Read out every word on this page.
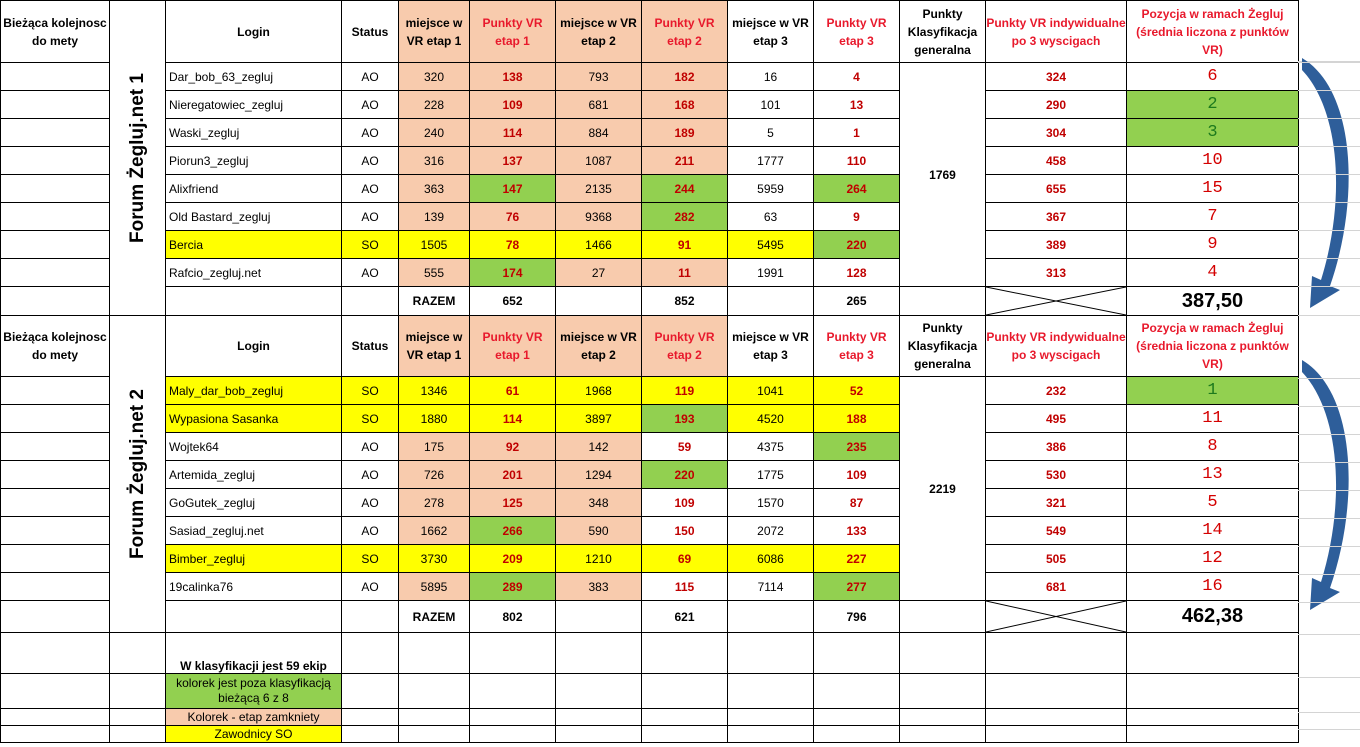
Bieżąca kolejnosc do mety	Forum Żegluj.net 1	Login	Status	miejsce w VR etap 1	Punkty VR etap 1	miejsce w VR etap 2	Punkty VR etap 2	miejsce w VR etap 3	Punkty VR etap 3	Punkty Klasyfikacja generalna	Punkty VR indywidualne po 3 wyscigach	Pozycja w ramach Żegluj (średnia liczona z punktów VR)
		Dar_bob_63_zegluj	AO	320	138	793	182	16	4	1769	324	6
		Nieregatowiec_zegluj	AO	228	109	681	168	101	13		290	2
		Waski_zegluj	AO	240	114	884	189	5	1		304	3
		Piorun3_zegluj	AO	316	137	1087	211	1777	110		458	10
		Alixfriend	AO	363	147	2135	244	5959	264		655	15
		Old Bastard_zegluj	AO	139	76	9368	282	63	9		367	7
		Bercia	SO	1505	78	1466	91	5495	220		389	9
		Rafcio_zegluj.net	AO	555	174	27	11	1991	128		313	4
				RAZEM	652		852		265			387,50
Bieżąca kolejnosc do mety	Forum Żegluj.net 2	Login	Status	miejsce w VR etap 1	Punkty VR etap 1	miejsce w VR etap 2	Punkty VR etap 2	miejsce w VR etap 3	Punkty VR etap 3	Punkty Klasyfikacja generalna	Punkty VR indywidualne po 3 wyscigach	Pozycja w ramach Żegluj (średnia liczona z punktów VR)
		Maly_dar_bob_zegluj	SO	1346	61	1968	119	1041	52	2219	232	1
		Wypasiona Sasanka	SO	1880	114	3897	193	4520	188		495	11
		Wojtek64	AO	175	92	142	59	4375	235		386	8
		Artemida_zegluj	AO	726	201	1294	220	1775	109		530	13
		GoGutek_zegluj	AO	278	125	348	109	1570	87		321	5
		Sasiad_zegluj.net	AO	1662	266	590	150	2072	133		549	14
		Bimber_zegluj	SO	3730	209	1210	69	6086	227		505	12
		19calinka76	AO	5895	289	383	115	7114	277		681	16
				RAZEM	802		621		796			462,38
		W klasyfikacji jest 59 ekip										
		kolorek jest poza klasyfikacją bieżącą 6 z 8										
		Kolorek - etap zamkniety										
		Zawodnicy SO										
